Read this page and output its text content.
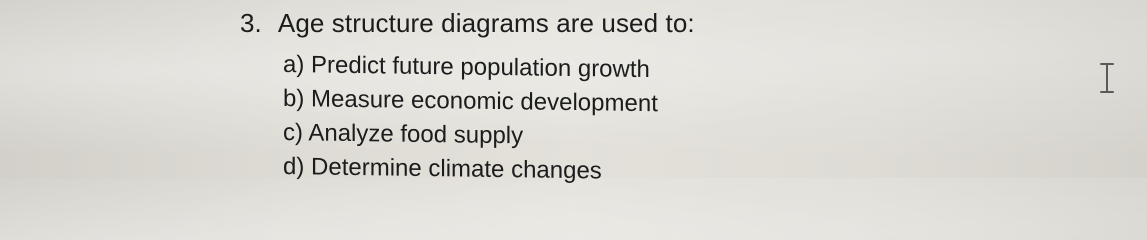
3. Age structure diagrams are used to:
a) Predict future population growth
b) Measure economic development
c) Analyze food supply
d) Determine climate changes
